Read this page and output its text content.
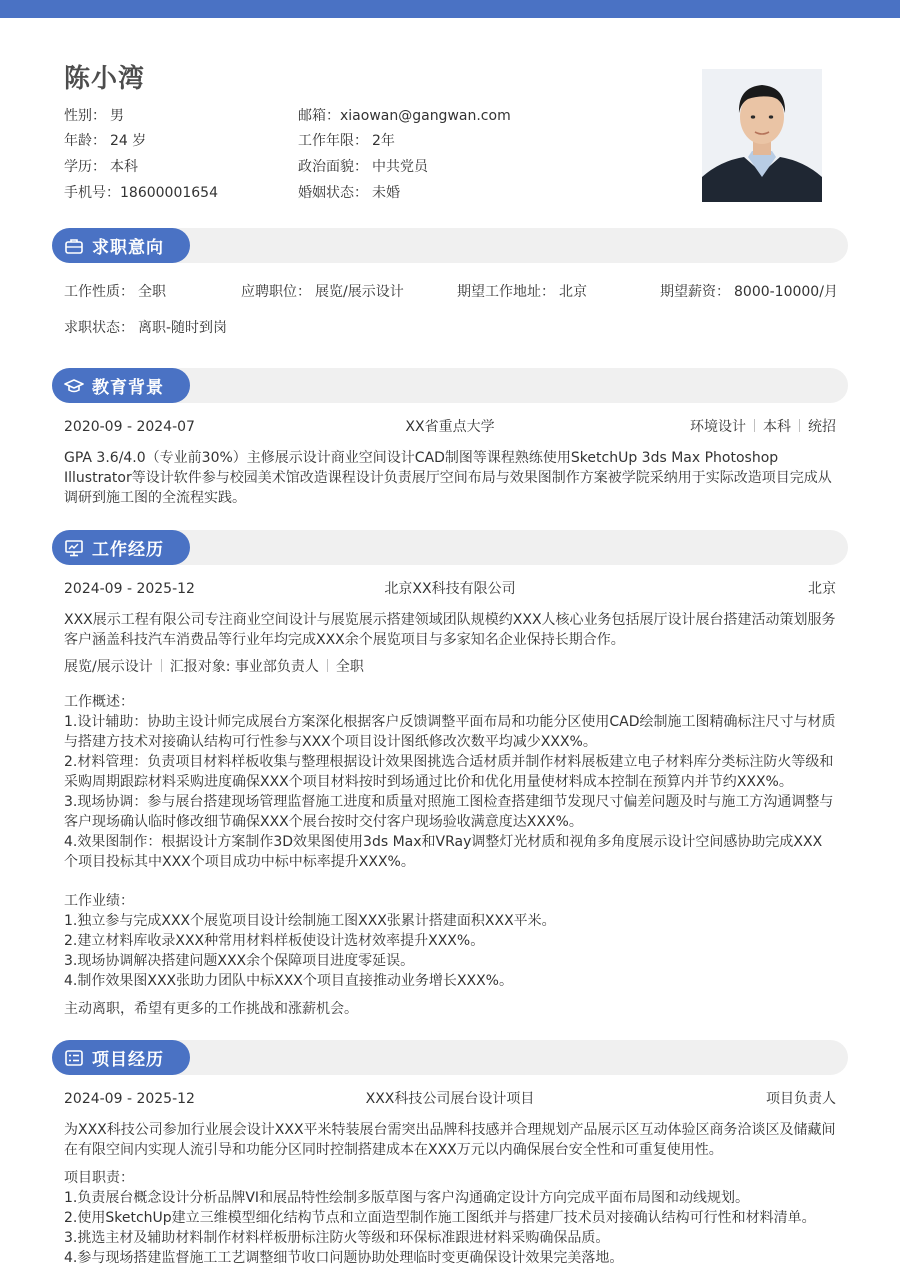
陈小湾
性别： 男
年龄： 24 岁
学历： 本科
手机号：18600001654
邮箱：xiaowan@gangwan.com
工作年限： 2年
政治面貌： 中共党员
婚姻状态： 未婚
求职意向
工作性质： 全职	应聘职位： 展览/展示设计	期望工作地址： 北京	期望薪资： 8000-10000/月
求职状态： 离职-随时到岗
教育背景
2020-09 - 2024-07	XX省重点大学	环境设计 本科 统招
GPA 3.6/4.0（专业前30%）主修展示设计商业空间设计CAD制图等课程熟练使用SketchUp 3ds Max Photoshop Illustrator等设计软件参与校园美术馆改造课程设计负责展厅空间布局与效果图制作方案被学院采纳用于实际改造项目完成从调研到施工图的全流程实践。
工作经历
2024-09 - 2025-12	北京XX科技有限公司	北京
XXX展示工程有限公司专注商业空间设计与展览展示搭建领域团队规模约XXX人核心业务包括展厅设计展台搭建活动策划服务客户涵盖科技汽车消费品等行业年均完成XXX余个展览项目与多家知名企业保持长期合作。
展览/展示设计 汇报对象: 事业部负责人 全职
工作概述：
1.设计辅助：协助主设计师完成展台方案深化根据客户反馈调整平面布局和功能分区使用CAD绘制施工图精确标注尺寸与材质与搭建方技术对接确认结构可行性参与XXX个项目设计图纸修改次数平均减少XXX%。
2.材料管理：负责项目材料样板收集与整理根据设计效果图挑选合适材质并制作材料展板建立电子材料库分类标注防火等级和采购周期跟踪材料采购进度确保XXX个项目材料按时到场通过比价和优化用量使材料成本控制在预算内并节约XXX%。
3.现场协调：参与展台搭建现场管理监督施工进度和质量对照施工图检查搭建细节发现尺寸偏差问题及时与施工方沟通调整与客户现场确认临时修改细节确保XXX个展台按时交付客户现场验收满意度达XXX%。
4.效果图制作：根据设计方案制作3D效果图使用3ds Max和VRay调整灯光材质和视角多角度展示设计空间感协助完成XXX个项目投标其中XXX个项目成功中标中标率提升XXX%。
工作业绩：
1.独立参与完成XXX个展览项目设计绘制施工图XXX张累计搭建面积XXX平米。
2.建立材料库收录XXX种常用材料样板使设计选材效率提升XXX%。
3.现场协调解决搭建问题XXX余个保障项目进度零延误。
4.制作效果图XXX张助力团队中标XXX个项目直接推动业务增长XXX%。
主动离职，希望有更多的工作挑战和涨薪机会。
项目经历
2024-09 - 2025-12	XXX科技公司展台设计项目	项目负责人
为XXX科技公司参加行业展会设计XXX平米特装展台需突出品牌科技感并合理规划产品展示区互动体验区商务洽谈区及储藏间在有限空间内实现人流引导和功能分区同时控制搭建成本在XXX万元以内确保展台安全性和可重复使用性。
项目职责：
1.负责展台概念设计分析品牌VI和展品特性绘制多版草图与客户沟通确定设计方向完成平面布局图和动线规划。
2.使用SketchUp建立三维模型细化结构节点和立面造型制作施工图纸并与搭建厂技术员对接确认结构可行性和材料清单。
3.挑选主材及辅助材料制作材料样板册标注防火等级和环保标准跟进材料采购确保品质。
4.参与现场搭建监督施工工艺调整细节收口问题协助处理临时变更确保设计效果完美落地。
